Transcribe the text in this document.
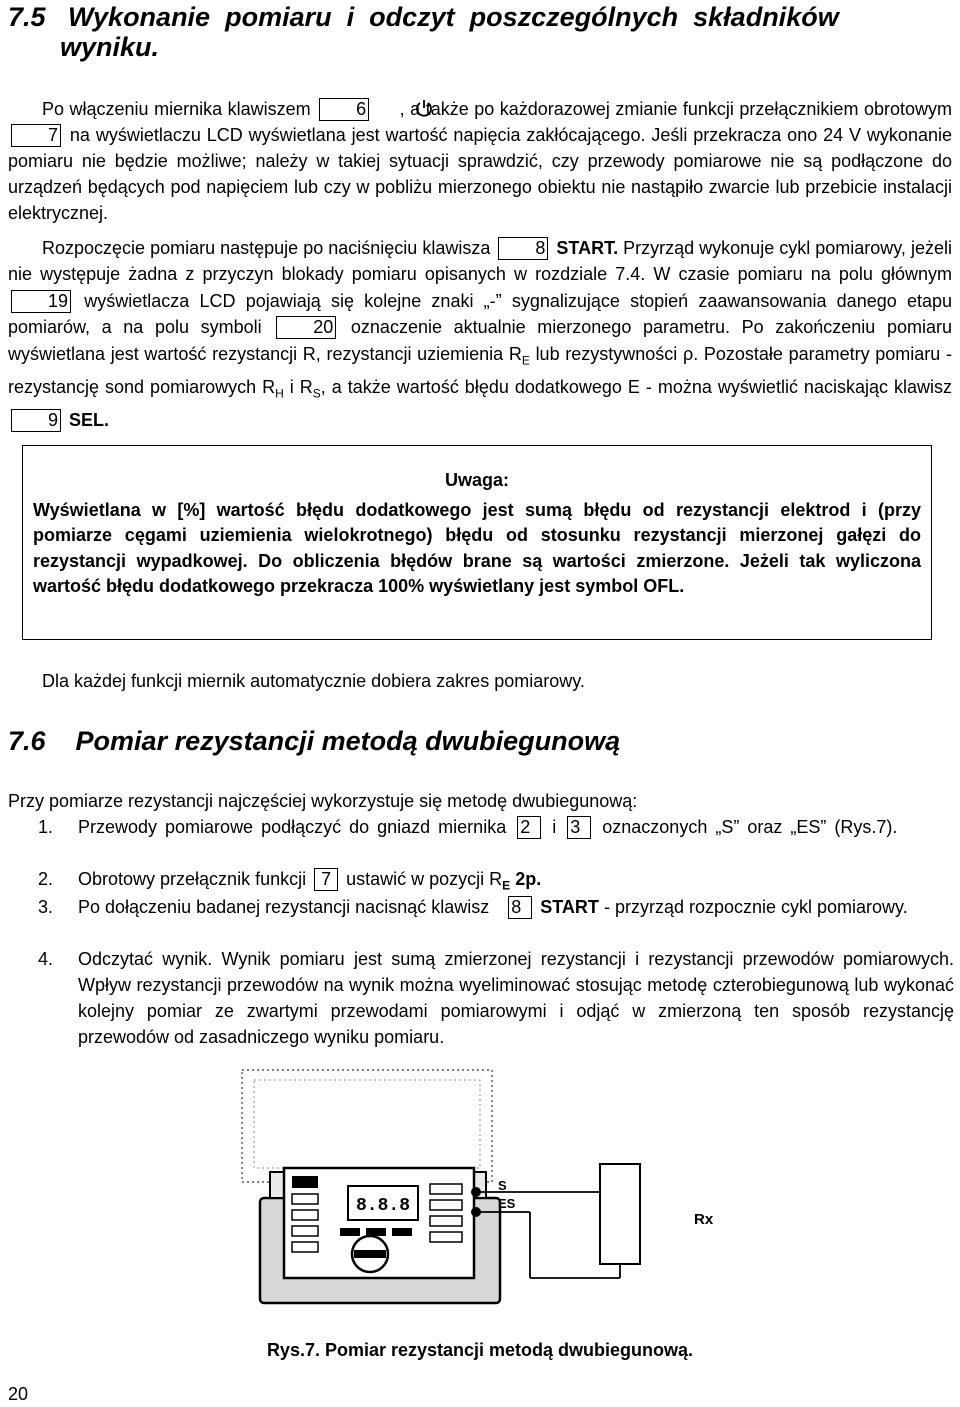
7.5   Wykonanie  pomiaru  i  odczyt  poszczególnych  składników
wyniku.
Po włączeniu miernika klawiszem	6 , a także po każdorazowej zmianie funkcji przełącznikiem obrotowym 7 na wyświetlaczu LCD wyświetlana jest wartość napięcia zakłócającego. Jeśli przekracza ono 24 V wykonanie pomiaru nie będzie możliwe; należy w takiej sytuacji sprawdzić, czy przewody pomiarowe nie są podłączone do urządzeń będących pod napięciem lub czy w pobliżu mierzonego obiektu nie nastąpiło zwarcie lub przebicie instalacji elektrycznej.
Rozpoczęcie pomiaru następuje po naciśnięciu klawisza	8 START. Przyrząd wykonuje cykl pomiarowy, jeżeli nie występuje żadna z przyczyn blokady pomiaru opisanych w rozdziale 7.4. W czasie pomiaru na polu głównym 19 wyświetlacza LCD pojawiają się kolejne znaki „-” sygnalizujące stopień zaawansowania danego etapu pomiarów, a na polu symboli	20 oznaczenie aktualnie mierzonego parametru. Po zakończeniu pomiaru wyświetlana jest wartość rezystancji R, rezystancji uziemienia $R_E$ lub rezystywności ρ. Pozostałe parametry pomiaru - rezystancję sond pomiarowych $R_H$ i $R_S$, a także wartość błędu dodatkowego E - można wyświetlić naciskając klawisz 9 SEL.
Uwaga:
Wyświetlana w [%] wartość błędu dodatkowego jest sumą błędu od rezystancji elektrod i (przy pomiarze cęgami uziemienia wielokrotnego) błędu od stosunku rezystancji mierzonej gałęzi do rezystancji wypadkowej. Do obliczenia błędów brane są wartości zmierzone. Jeżeli tak wyliczona wartość błędu dodatkowego przekracza 100% wyświetlany jest symbol OFL.
Dla każdej funkcji miernik automatycznie dobiera zakres pomiarowy.
7.6    Pomiar rezystancji metodą dwubiegunową
Przy pomiarze rezystancji najczęściej wykorzystuje się metodę dwubiegunową:
1. Przewody pomiarowe podłączyć do gniazd miernika 2 i 3 oznaczonych „S” oraz „ES” (Rys.7).
2. Obrotowy przełącznik funkcji 7 ustawić w pozycji $R_E$ 2p.
3. Po dołączeniu badanej rezystancji nacisnąć klawisz 8 START - przyrząd rozpocznie cykl pomiarowy.
4. Odczytać wynik. Wynik pomiaru jest sumą zmierzonej rezystancji i rezystancji przewodów pomiarowych. Wpływ rezystancji przewodów na wynik można wyeliminować stosując metodę czterobiegunową lub wykonać kolejny pomiar ze zwartymi przewodami pomiarowymi i odjąć w zmierzoną ten sposób rezystancję przewodów od zasadniczego wyniku pomiaru.
8.8.8
S
ES
Rx
Rys.7. Pomiar rezystancji metodą dwubiegunową.
20
